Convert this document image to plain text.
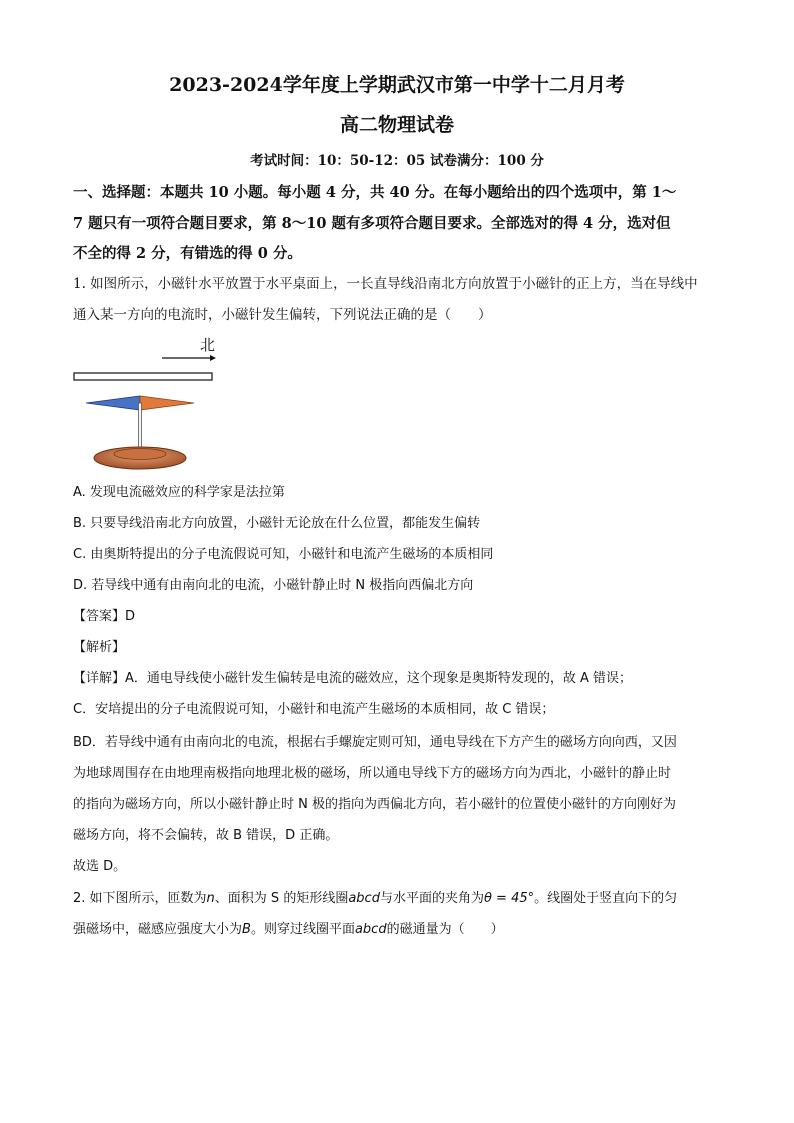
2023-2024学年度上学期武汉市第一中学十二月月考
高二物理试卷
考试时间：10：50-12：05 试卷满分：100 分
一、选择题：本题共 10 小题。每小题 4 分，共 40 分。在每小题给出的四个选项中，第 1～
7 题只有一项符合题目要求，第 8～10 题有多项符合题目要求。全部选对的得 4 分，选对但
不全的得 2 分，有错选的得 0 分。
1. 如图所示，小磁针水平放置于水平桌面上，一长直导线沿南北方向放置于小磁针的正上方，当在导线中
通入某一方向的电流时，小磁针发生偏转，下列说法正确的是（　　）
北
A. 发现电流磁效应的科学家是法拉第
B. 只要导线沿南北方向放置，小磁针无论放在什么位置，都能发生偏转
C. 由奥斯特提出的分子电流假说可知，小磁针和电流产生磁场的本质相同
D. 若导线中通有由南向北的电流，小磁针静止时 N 极指向西偏北方向
【答案】D
【解析】
【详解】A．通电导线使小磁针发生偏转是电流的磁效应，这个现象是奥斯特发现的，故 A 错误；
C．安培提出的分子电流假说可知，小磁针和电流产生磁场的本质相同，故 C 错误；
BD．若导线中通有由南向北的电流，根据右手螺旋定则可知，通电导线在下方产生的磁场方向向西，又因
为地球周围存在由地理南极指向地理北极的磁场，所以通电导线下方的磁场方向为西北，小磁针的静止时
的指向为磁场方向，所以小磁针静止时 N 极的指向为西偏北方向，若小磁针的位置使小磁针的方向刚好为
磁场方向，将不会偏转，故 B 错误，D 正确。
故选 D。
2. 如下图所示，匝数为n、面积为 S 的矩形线圈abcd与水平面的夹角为θ = 45°。线圈处于竖直向下的匀
强磁场中，磁感应强度大小为B。则穿过线圈平面abcd的磁通量为（　　）
